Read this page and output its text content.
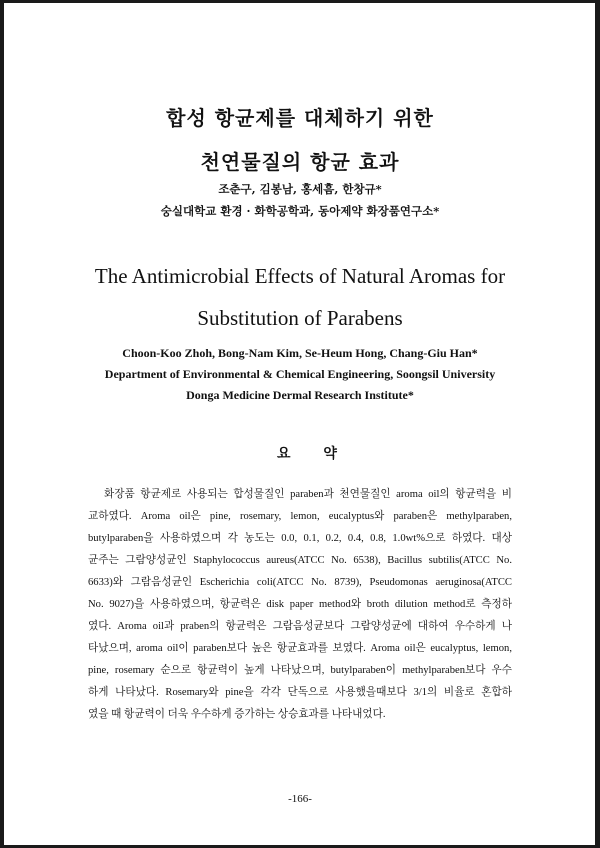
합성 항균제를 대체하기 위한
천연물질의 항균 효과
조춘구, 김봉남, 홍세흠, 한창규*
숭실대학교 환경 · 화학공학과, 동아제약 화장품연구소*
The Antimicrobial Effects of Natural Aromas for
Substitution of Parabens
Choon-Koo Zhoh, Bong-Nam Kim, Se-Heum Hong, Chang-Giu Han*
Department of Environmental & Chemical Engineering, Soongsil University
Donga Medicine Dermal Research Institute*
요 약
화장품 항균제로 사용되는 합성물질인 paraben과 천연물질인 aroma oil의 항균력을 비
교하였다. Aroma oil은 pine, rosemary, lemon, eucalyptus와 paraben은 methylparaben,
butylparaben을 사용하였으며 각 농도는 0.0, 0.1, 0.2, 0.4, 0.8, 1.0wt%으로 하였다. 대상
균주는 그람양성균인 Staphylococcus aureus(ATCC No. 6538), Bacillus subtilis(ATCC No.
6633)와 그람음성균인 Escherichia coli(ATCC No. 8739), Pseudomonas aeruginosa(ATCC
No. 9027)을 사용하였으며, 항균력은 disk paper method와 broth dilution method로 측정하
였다. Aroma oil과 praben의 항균력은 그람음성균보다 그람양성균에 대하여 우수하게 나
타났으며, aroma oil이 paraben보다 높은 항균효과를 보였다. Aroma oil은 eucalyptus, lemon,
pine, rosemary 순으로 항균력이 높게 나타났으며, butylparaben이 methylparaben보다 우수
하게 나타났다. Rosemary와 pine을 각각 단독으로 사용했을때보다 3/1의 비율로 혼합하
였을 때 항균력이 더욱 우수하게 증가하는 상승효과를 나타내었다.
-166-
